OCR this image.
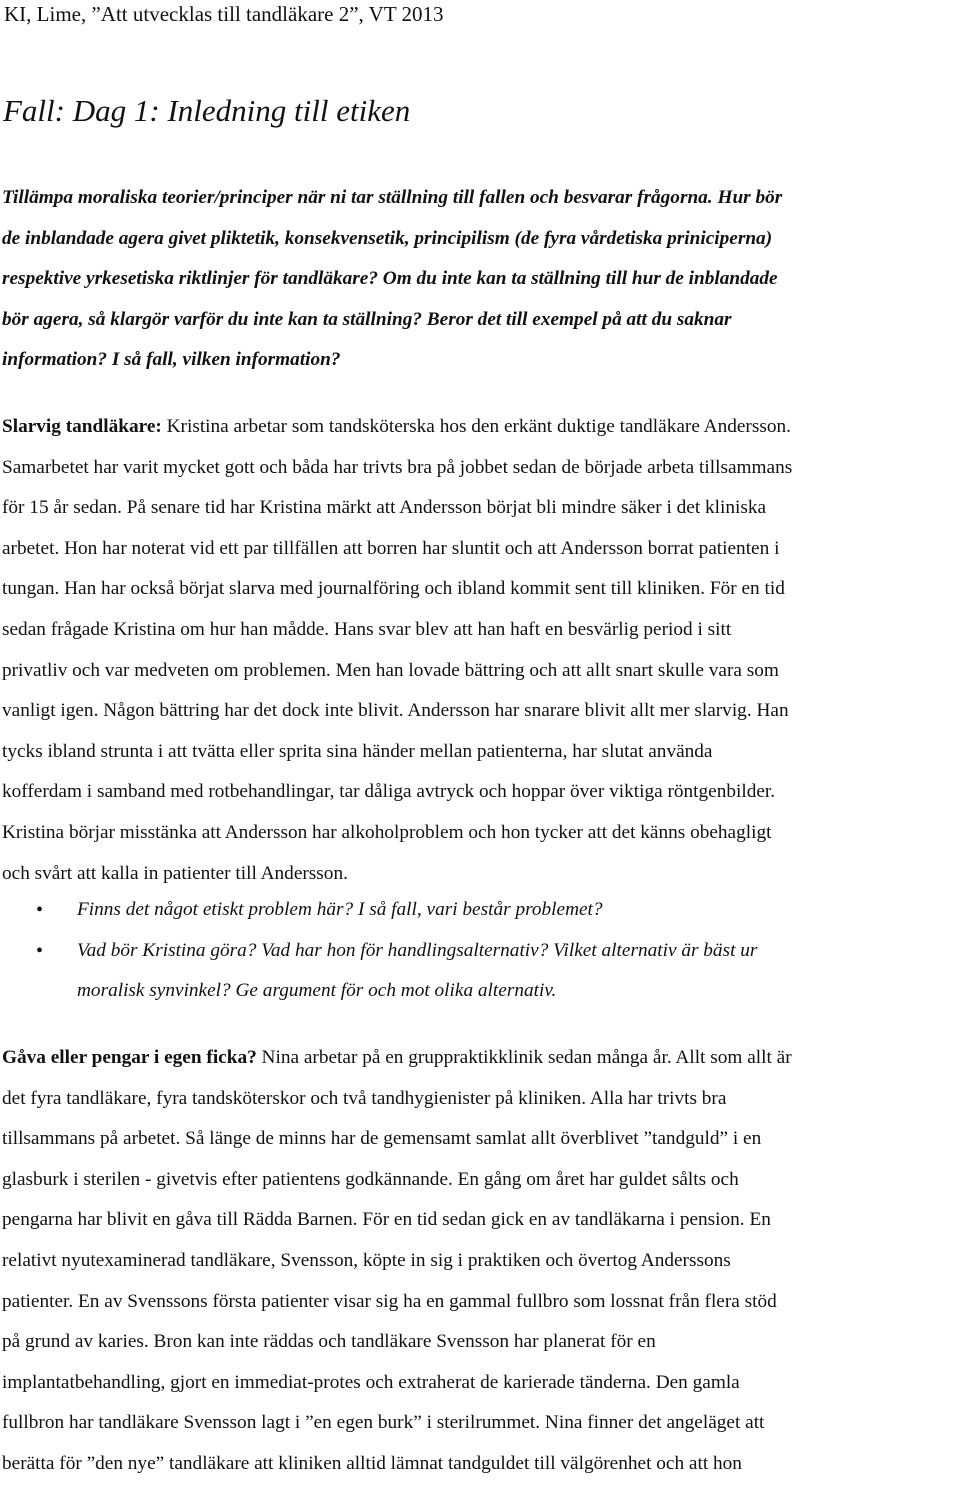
KI, Lime, ”Att utvecklas till tandläkare 2”, VT 2013
Fall: Dag 1: Inledning till etiken

Tillämpa moraliska teorier/principer när ni tar ställning till fallen och besvarar frågorna. Hur bör
de inblandade agera givet pliktetik, konsekvensetik, principilism (de fyra vårdetiska priniciperna)
respektive yrkesetiska riktlinjer för tandläkare? Om du inte kan ta ställning till hur de inblandade
bör agera, så klargör varför du inte kan ta ställning? Beror det till exempel på att du saknar
information? I så fall, vilken information?

Slarvig tandläkare: Kristina arbetar som tandsköterska hos den erkänt duktige tandläkare Andersson.
Samarbetet har varit mycket gott och båda har trivts bra på jobbet sedan de började arbeta tillsammans
för 15 år sedan. På senare tid har Kristina märkt att Andersson börjat bli mindre säker i det kliniska
arbetet. Hon har noterat vid ett par tillfällen att borren har sluntit och att Andersson borrat patienten i
tungan. Han har också börjat slarva med journalföring och ibland kommit sent till kliniken. För en tid
sedan frågade Kristina om hur han mådde. Hans svar blev att han haft en besvärlig period i sitt
privatliv och var medveten om problemen. Men han lovade bättring och att allt snart skulle vara som
vanligt igen. Någon bättring har det dock inte blivit. Andersson har snarare blivit allt mer slarvig. Han
tycks ibland strunta i att tvätta eller sprita sina händer mellan patienterna, har slutat använda
kofferdam i samband med rotbehandlingar, tar dåliga avtryck och hoppar över viktiga röntgenbilder.
Kristina börjar misstänka att Andersson har alkoholproblem och hon tycker att det känns obehagligt
och svårt att kalla in patienter till Andersson.

• Finns det något etiskt problem här? I så fall, vari består problemet?
• Vad bör Kristina göra? Vad har hon för handlingsalternativ? Vilket alternativ är bäst ur
moralisk synvinkel? Ge argument för och mot olika alternativ.

Gåva eller pengar i egen ficka? Nina arbetar på en gruppraktikklinik sedan många år. Allt som allt är
det fyra tandläkare, fyra tandsköterskor och två tandhygienister på kliniken. Alla har trivts bra
tillsammans på arbetet. Så länge de minns har de gemensamt samlat allt överblivet ”tandguld” i en
glasburk i sterilen - givetvis efter patientens godkännande. En gång om året har guldet sålts och
pengarna har blivit en gåva till Rädda Barnen. För en tid sedan gick en av tandläkarna i pension. En
relativt nyutexaminerad tandläkare, Svensson, köpte in sig i praktiken och övertog Anderssons
patienter. En av Svenssons första patienter visar sig ha en gammal fullbro som lossnat från flera stöd
på grund av karies. Bron kan inte räddas och tandläkare Svensson har planerat för en
implantatbehandling, gjort en immediat-protes och extraherat de karierade tänderna. Den gamla
fullbron har tandläkare Svensson lagt i ”en egen burk” i sterilrummet. Nina finner det angeläget att
berätta för ”den nye” tandläkare att kliniken alltid lämnat tandguldet till välgörenhet och att hon
